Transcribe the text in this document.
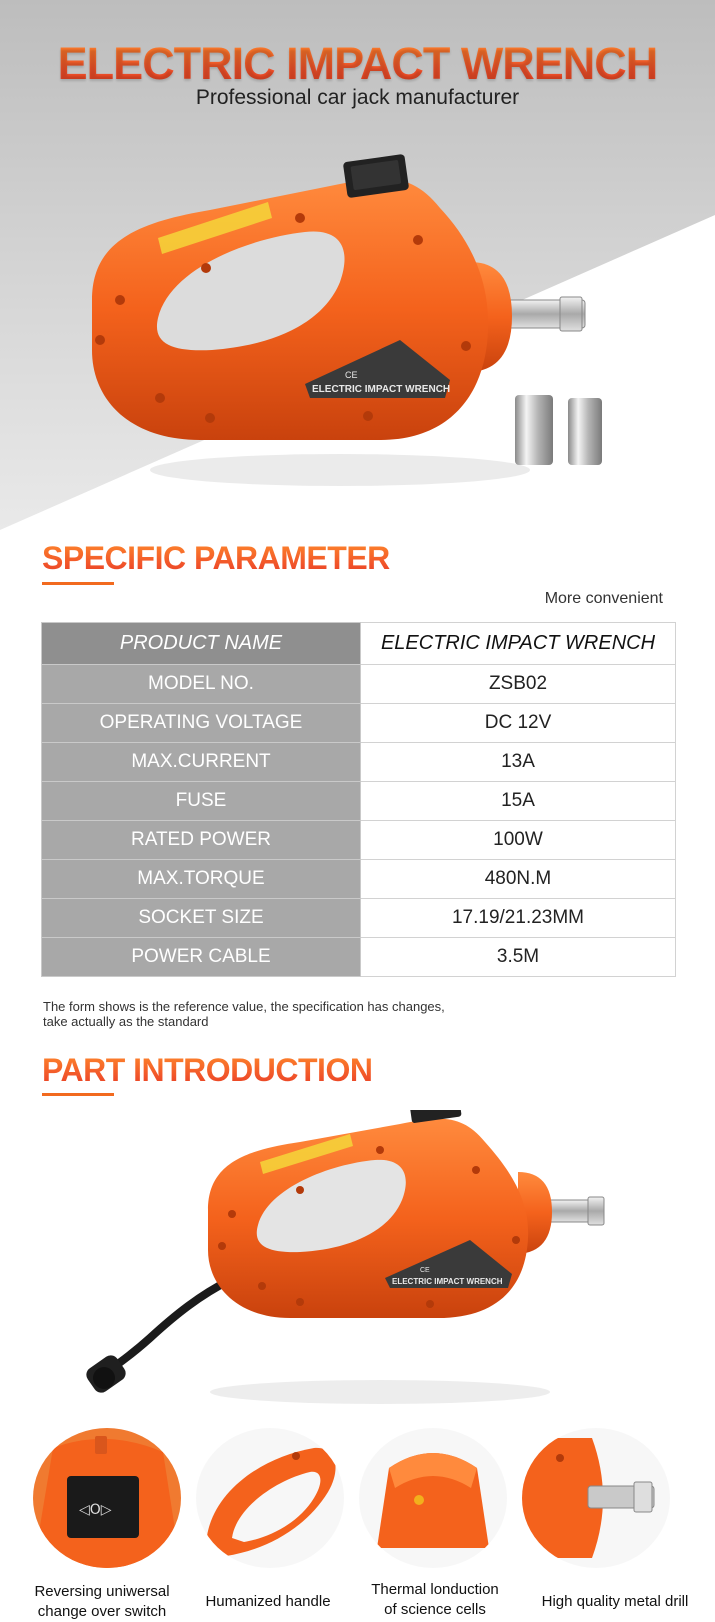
ELECTRIC IMPACT WRENCH
CE
ELECTRIC IMPACT WRENCH
Professional car jack manufacturer
SPECIFIC PARAMETER
More convenient
PRODUCT NAME	ELECTRIC IMPACT WRENCH
MODEL NO.	ZSB02
OPERATING VOLTAGE	DC 12V
MAX.CURRENT	13A
FUSE	15A
RATED POWER	100W
MAX.TORQUE	480N.M
SOCKET SIZE	17.19/21.23MM
POWER CABLE	3.5M
The form shows is the reference value, the specification has changes,
take actually as the standard
PART INTRODUCTION
ELECTRIC IMPACT WRENCH
CE
◁O▷
Reversing uniwersal
change over switch
Humanized handle
Thermal londuction
of science cells	High quality metal drill
